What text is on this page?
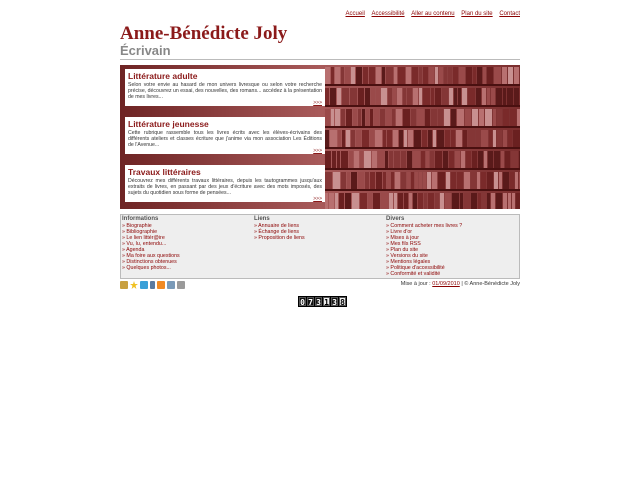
Accueil Accessibilité Aller au contenu Plan du site Contact
Anne-Bénédicte Joly
Écrivain
Littérature adulte

Selon votre envie au hasard de mon univers livresque ou selon votre recherche précise, découvrez un essai, des nouvelles, des romans... accédez à la présentation de mes livres...

>>>
Littérature jeunesse

Cette rubrique rassemble tous les livres écrits avec les élèves-écrivains des différents ateliers et classes écriture que j'anime via mon association Les Éditions de l'Avenue...

>>>
Travaux littéraires

Découvrez mes différents travaux littéraires, depuis les tautogrammes jusqu'aux extraits de livres, en passant par des jeux d'écriture avec des mots imposés, des sujets du quotidien sous forme de pensées...

>>>
Informations
» Biographie
» Bibliographie
» Le lien littér@ire
» Vu, lu, entendu...
» Agenda
» Ma foire aux questions
» Distinctions obtenues
» Quelques photos...
Liens
» Annuaire de liens
» Échange de liens
» Proposition de liens
Divers
» Comment acheter mes livres ?
» Livre d'or
» Mises à jour
» Mes fils RSS
» Plan du site
» Versions du site
» Mentions légales
» Politique d'accessibilité
» Conformité et validité
Mise à jour : 01/09/2010 | © Anne-Bénédicte Joly
0 7 3 1 3 8
